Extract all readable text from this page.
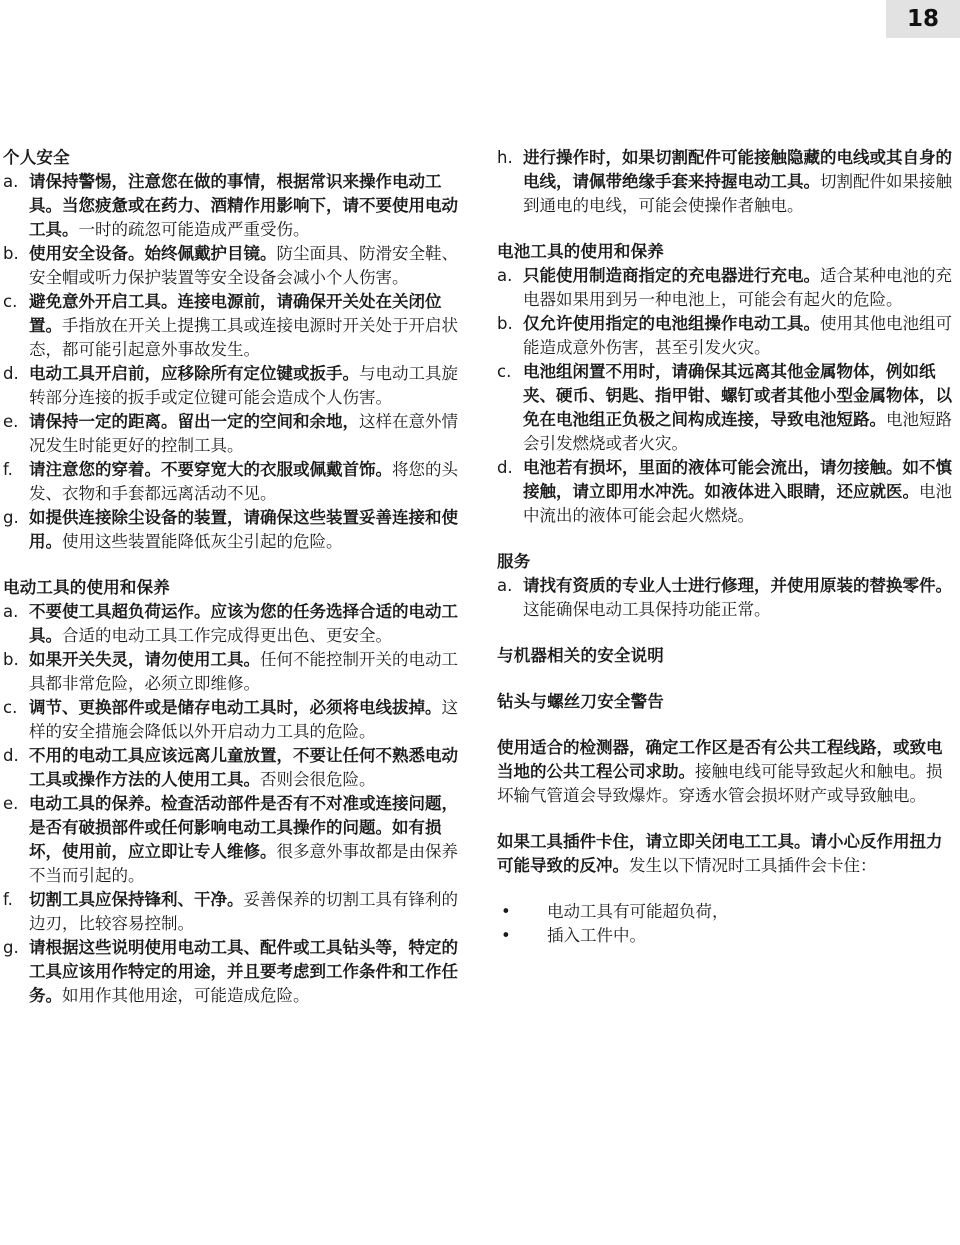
18
个人安全
a. 请保持警惕，注意您在做的事情，根据常识来操作电动工具。当您疲惫或在药力、酒精作用影响下，请不要使用电动工具。一时的疏忽可能造成严重受伤。
b. 使用安全设备。始终佩戴护目镜。防尘面具、防滑安全鞋、安全帽或听力保护装置等安全设备会减小个人伤害。
c. 避免意外开启工具。连接电源前，请确保开关处在关闭位置。手指放在开关上提携工具或连接电源时开关处于开启状态，都可能引起意外事故发生。
d. 电动工具开启前，应移除所有定位键或扳手。与电动工具旋转部分连接的扳手或定位键可能会造成个人伤害。
e. 请保持一定的距离。留出一定的空间和余地，这样在意外情况发生时能更好的控制工具。
f. 请注意您的穿着。不要穿宽大的衣服或佩戴首饰。将您的头发、衣物和手套都远离活动不见。
g. 如提供连接除尘设备的装置，请确保这些装置妥善连接和使用。使用这些装置能降低灰尘引起的危险。
电动工具的使用和保养
a. 不要使工具超负荷运作。应该为您的任务选择合适的电动工具。合适的电动工具工作完成得更出色、更安全。
b. 如果开关失灵，请勿使用工具。任何不能控制开关的电动工具都非常危险，必须立即维修。
c. 调节、更换部件或是储存电动工具时，必须将电线拔掉。这样的安全措施会降低以外开启动力工具的危险。
d. 不用的电动工具应该远离儿童放置，不要让任何不熟悉电动工具或操作方法的人使用工具。否则会很危险。
e. 电动工具的保养。检查活动部件是否有不对准或连接问题，是否有破损部件或任何影响电动工具操作的问题。如有损坏，使用前，应立即让专人维修。很多意外事故都是由保养不当而引起的。
f. 切割工具应保持锋利、干净。妥善保养的切割工具有锋利的边刃，比较容易控制。
g. 请根据这些说明使用电动工具、配件或工具钻头等，特定的工具应该用作特定的用途，并且要考虑到工作条件和工作任务。如用作其他用途，可能造成危险。
h. 进行操作时，如果切割配件可能接触隐藏的电线或其自身的电线，请佩带绝缘手套来持握电动工具。切割配件如果接触到通电的电线，可能会使操作者触电。
电池工具的使用和保养
a. 只能使用制造商指定的充电器进行充电。适合某种电池的充电器如果用到另一种电池上，可能会有起火的危险。
b. 仅允许使用指定的电池组操作电动工具。使用其他电池组可能造成意外伤害，甚至引发火灾。
c. 电池组闲置不用时，请确保其远离其他金属物体，例如纸夹、硬币、钥匙、指甲钳、螺钉或者其他小型金属物体，以免在电池组正负极之间构成连接，导致电池短路。电池短路会引发燃烧或者火灾。
d. 电池若有损坏，里面的液体可能会流出，请勿接触。如不慎接触，请立即用水冲洗。如液体进入眼睛，还应就医。电池中流出的液体可能会起火燃烧。
服务
a. 请找有资质的专业人士进行修理，并使用原装的替换零件。
这能确保电动工具保持功能正常。
与机器相关的安全说明
钻头与螺丝刀安全警告
使用适合的检测器，确定工作区是否有公共工程线路，或致电当地的公共工程公司求助。接触电线可能导致起火和触电。损坏输气管道会导致爆炸。穿透水管会损坏财产或导致触电。
如果工具插件卡住，请立即关闭电工工具。请小心反作用扭力可能导致的反冲。发生以下情况时工具插件会卡住：
•	电动工具有可能超负荷，
•	插入工件中。
